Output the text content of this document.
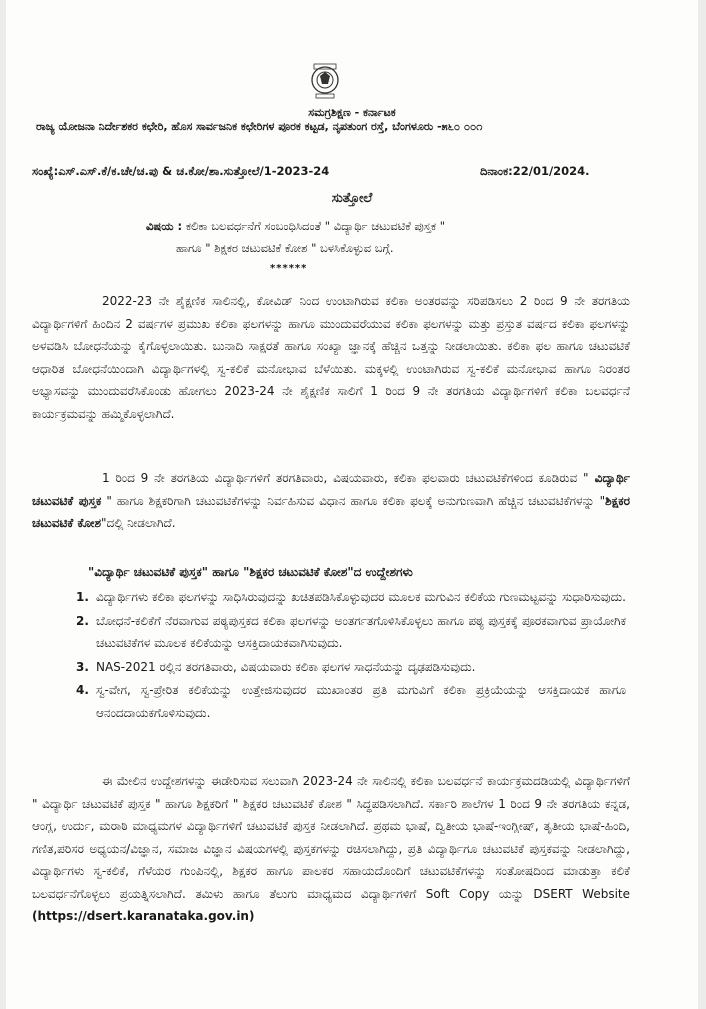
ಸಮಗ್ರಶಿಕ್ಷಣ - ಕರ್ನಾಟಕ
ರಾಜ್ಯ ಯೋಜನಾ ನಿರ್ದೇಶಕರ ಕಛೇರಿ, ಹೊಸ ಸಾರ್ವಜನಿಕ ಕಛೇರಿಗಳ ಪೂರಕ ಕಟ್ಟಡ, ನೃಪತುಂಗ ರಸ್ತೆ, ಬೆಂಗಳೂರು -೫೬೦ ೦೦೧
ಸಂಖ್ಯೆ:ಎಸ್.ಎಸ್.ಕೆ/ಕ.ಚೇ/ಚ.ಪು & ಚ.ಕೋ/ಶಾ.ಸುತ್ತೋಲೆ/1-2023-24	ದಿನಾಂಕ:22/01/2024.
ಸುತ್ತೋಲೆ
ವಿಷಯ : ಕಲಿಕಾ ಬಲವರ್ಧನೆಗೆ ಸಂಬಂಧಿಸಿದಂತೆ " ವಿದ್ಯಾರ್ಥಿ ಚಟುವಟಿಕೆ ಪುಸ್ತಕ "
ಹಾಗೂ " ಶಿಕ್ಷಕರ ಚಟುವಟಿಕೆ ಕೋಶ " ಬಳಸಿಕೊಳ್ಳುವ ಬಗ್ಗೆ.
******

2022-23 ನೇ ಶೈಕ್ಷಣಿಕ ಸಾಲಿನಲ್ಲಿ, ಕೋವಿಡ್ ನಿಂದ ಉಂಟಾಗಿರುವ ಕಲಿಕಾ ಅಂತರವನ್ನು ಸರಿಪಡಿಸಲು 2 ರಿಂದ 9 ನೇ ತರಗತಿಯ ವಿದ್ಯಾರ್ಥಿಗಳಿಗೆ ಹಿಂದಿನ 2 ವರ್ಷಗಳ ಪ್ರಮುಖ ಕಲಿಕಾ ಫಲಗಳನ್ನು ಹಾಗೂ ಮುಂದುವರೆಯುವ ಕಲಿಕಾ ಫಲಗಳನ್ನು ಮತ್ತು ಪ್ರಸ್ತುತ ವರ್ಷದ ಕಲಿಕಾ ಫಲಗಳನ್ನು ಅಳವಡಿಸಿ ಬೋಧನೆಯನ್ನು ಕೈಗೊಳ್ಳಲಾಯಿತು. ಬುನಾದಿ ಸಾಕ್ಷರತೆ ಹಾಗೂ ಸಂಖ್ಯಾ ಜ್ಞಾನಕ್ಕೆ ಹೆಚ್ಚಿನ ಒತ್ತನ್ನು ನೀಡಲಾಯಿತು. ಕಲಿಕಾ ಫಲ ಹಾಗೂ ಚಟುವಟಿಕೆ ಆಧಾರಿತ ಬೋಧನೆಯಿಂದಾಗಿ ವಿದ್ಯಾರ್ಥಿಗಳಲ್ಲಿ ಸ್ವ-ಕಲಿಕೆ ಮನೋಭಾವ ಬೆಳೆಯಿತು. ಮಕ್ಕಳಲ್ಲಿ ಉಂಟಾಗಿರುವ ಸ್ವ-ಕಲಿಕೆ ಮನೋಭಾವ ಹಾಗೂ ನಿರಂತರ ಅಭ್ಯಾಸವನ್ನು ಮುಂದುವರೆಸಿಕೊಂಡು ಹೋಗಲು 2023-24 ನೇ ಶೈಕ್ಷಣಿಕ ಸಾಲಿಗೆ 1 ರಿಂದ 9 ನೇ ತರಗತಿಯ ವಿದ್ಯಾರ್ಥಿಗಳಿಗೆ ಕಲಿಕಾ ಬಲವರ್ಧನೆ ಕಾರ್ಯಕ್ರಮವನ್ನು ಹಮ್ಮಿಕೊಳ್ಳಲಾಗಿದೆ.

1 ರಿಂದ 9 ನೇ ತರಗತಿಯ ವಿದ್ಯಾರ್ಥಿಗಳಿಗೆ ತರಗತಿವಾರು, ವಿಷಯವಾರು, ಕಲಿಕಾ ಫಲವಾರು ಚಟುವಟಿಕೆಗಳಿಂದ ಕೂಡಿರುವ " ವಿದ್ಯಾರ್ಥಿ ಚಟುವಟಿಕೆ ಪುಸ್ತಕ " ಹಾಗೂ ಶಿಕ್ಷಕರಿಗಾಗಿ ಚಟುವಟಿಕೆಗಳನ್ನು ನಿರ್ವಹಿಸುವ ವಿಧಾನ ಹಾಗೂ ಕಲಿಕಾ ಫಲಕ್ಕೆ ಅನುಗುಣವಾಗಿ ಹೆಚ್ಚಿನ ಚಟುವಟಿಕೆಗಳನ್ನು "ಶಿಕ್ಷಕರ ಚಟುವಟಿಕೆ ಕೋಶ"ದಲ್ಲಿ ನೀಡಲಾಗಿದೆ.

"ವಿದ್ಯಾರ್ಥಿ ಚಟುವಟಿಕೆ ಪುಸ್ತಕ" ಹಾಗೂ "ಶಿಕ್ಷಕರ ಚಟುವಟಿಕೆ ಕೋಶ"ದ ಉದ್ದೇಶಗಳು
1. ವಿದ್ಯಾರ್ಥಿಗಳು ಕಲಿಕಾ ಫಲಗಳನ್ನು ಸಾಧಿಸಿರುವುದನ್ನು ಖಚಿತಪಡಿಸಿಕೊಳ್ಳುವುದರ ಮೂಲಕ ಮಗುವಿನ ಕಲಿಕೆಯ ಗುಣಮಟ್ಟವನ್ನು ಸುಧಾರಿಸುವುದು.
2. ಬೋಧನೆ-ಕಲಿಕೆಗೆ ನೆರವಾಗುವ ಪಠ್ಯಪುಸ್ತಕದ ಕಲಿಕಾ ಫಲಗಳನ್ನು ಅಂತರ್ಗತಗೊಳಿಸಿಕೊಳ್ಳಲು ಹಾಗೂ ಪಠ್ಯ ಪುಸ್ತಕಕ್ಕೆ ಪೂರಕವಾಗುವ ಪ್ರಾಯೋಗಿಕ ಚಟುವಟಿಕೆಗಳ ಮೂಲಕ ಕಲಿಕೆಯನ್ನು ಆಸಕ್ತಿದಾಯಕವಾಗಿಸುವುದು.
3. NAS-2021 ರಲ್ಲಿನ ತರಗತಿವಾರು, ವಿಷಯವಾರು ಕಲಿಕಾ ಫಲಗಳ ಸಾಧನೆಯನ್ನು ದೃಢಪಡಿಸುವುದು.
4. ಸ್ವ-ವೇಗ, ಸ್ವ-ಪ್ರೇರಿತ ಕಲಿಕೆಯನ್ನು ಉತ್ತೇಜಿಸುವುದರ ಮುಖಾಂತರ ಪ್ರತಿ ಮಗುವಿಗೆ ಕಲಿಕಾ ಪ್ರಕ್ರಿಯೆಯನ್ನು ಆಸಕ್ತಿದಾಯಕ ಹಾಗೂ ಆನಂದದಾಯಕಗೊಳಿಸುವುದು.

ಈ ಮೇಲಿನ ಉದ್ದೇಶಗಳನ್ನು ಈಡೇರಿಸುವ ಸಲುವಾಗಿ 2023-24 ನೇ ಸಾಲಿನಲ್ಲಿ ಕಲಿಕಾ ಬಲವರ್ಧನೆ ಕಾರ್ಯಕ್ರಮದಡಿಯಲ್ಲಿ ವಿದ್ಯಾರ್ಥಿಗಳಿಗೆ " ವಿದ್ಯಾರ್ಥಿ ಚಟುವಟಿಕೆ ಪುಸ್ತಕ " ಹಾಗೂ ಶಿಕ್ಷಕರಿಗೆ " ಶಿಕ್ಷಕರ ಚಟುವಟಿಕೆ ಕೋಶ " ಸಿದ್ಧಪಡಿಸಲಾಗಿದೆ. ಸರ್ಕಾರಿ ಶಾಲೆಗಳ 1 ರಿಂದ 9 ನೇ ತರಗತಿಯ ಕನ್ನಡ, ಆಂಗ್ಲ, ಉರ್ದು, ಮರಾಠಿ ಮಾಧ್ಯಮಗಳ ವಿದ್ಯಾರ್ಥಿಗಳಿಗೆ ಚಟುವಟಿಕೆ ಪುಸ್ತಕ ನೀಡಲಾಗಿದೆ. ಪ್ರಥಮ ಭಾಷೆ, ದ್ವಿತೀಯ ಭಾಷೆ-ಇಂಗ್ಲೀಷ್, ತೃತೀಯ ಭಾಷೆ-ಹಿಂದಿ, ಗಣಿತ,ಪರಿಸರ ಅಧ್ಯಯನ/ವಿಜ್ಞಾನ, ಸಮಾಜ ವಿಜ್ಞಾನ ವಿಷಯಗಳಲ್ಲಿ ಪುಸ್ತಕಗಳನ್ನು ರಚಿಸಲಾಗಿದ್ದು, ಪ್ರತಿ ವಿದ್ಯಾರ್ಥಿಗೂ ಚಟುವಟಿಕೆ ಪುಸ್ತಕವನ್ನು ನೀಡಲಾಗಿದ್ದು, ವಿದ್ಯಾರ್ಥಿಗಳು ಸ್ವ-ಕಲಿಕೆ, ಗೆಳೆಯರ ಗುಂಪಿನಲ್ಲಿ, ಶಿಕ್ಷಕರ ಹಾಗೂ ಪಾಲಕರ ಸಹಾಯದೊಂದಿಗೆ ಚಟುವಟಿಕೆಗಳನ್ನು ಸಂತೋಷದಿಂದ ಮಾಡುತ್ತಾ ಕಲಿಕೆ ಬಲವರ್ಧನೆಗೊಳ್ಳಲು ಪ್ರಯತ್ನಿಸಲಾಗಿದೆ. ತಮಿಳು ಹಾಗೂ ತೆಲುಗು ಮಾಧ್ಯಮದ ವಿದ್ಯಾರ್ಥಿಗಳಿಗೆ Soft Copy ಯನ್ನು DSERT Website (https://dsert.karanataka.gov.in)
